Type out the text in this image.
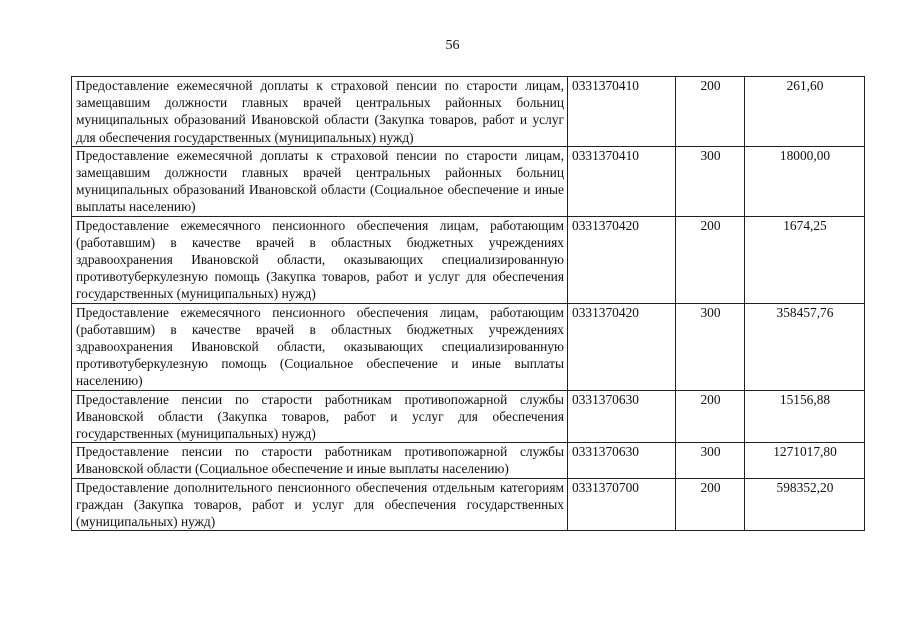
56
Предоставление ежемесячной доплаты к страховой пенсии по старости лицам, замещавшим должности главных врачей центральных районных больниц муниципальных образований Ивановской области (Закупка товаров, работ и услуг для обеспечения государственных (муниципальных) нужд)	0331370410	200	261,60
Предоставление ежемесячной доплаты к страховой пенсии по старости лицам, замещавшим должности главных врачей центральных районных больниц муниципальных образований Ивановской области (Социальное обеспечение и иные выплаты населению)	0331370410	300	18000,00
Предоставление ежемесячного пенсионного обеспечения лицам, работающим (работавшим) в качестве врачей в областных бюджетных учреждениях здравоохранения Ивановской области, оказывающих специализированную противотуберкулезную помощь (Закупка товаров, работ и услуг для обеспечения государственных (муниципальных) нужд)	0331370420	200	1674,25
Предоставление ежемесячного пенсионного обеспечения лицам, работающим (работавшим) в качестве врачей в областных бюджетных учреждениях здравоохранения Ивановской области, оказывающих специализированную противотуберкулезную помощь (Социальное обеспечение и иные выплаты населению)	0331370420	300	358457,76
Предоставление пенсии по старости работникам противопожарной службы Ивановской области (Закупка товаров, работ и услуг для обеспечения государственных (муниципальных) нужд)	0331370630	200	15156,88
Предоставление пенсии по старости работникам противопожарной службы Ивановской области (Социальное обеспечение и иные выплаты населению)	0331370630	300	1271017,80
Предоставление дополнительного пенсионного обеспечения отдельным категориям граждан (Закупка товаров, работ и услуг для обеспечения государственных (муниципальных) нужд)	0331370700	200	598352,20
